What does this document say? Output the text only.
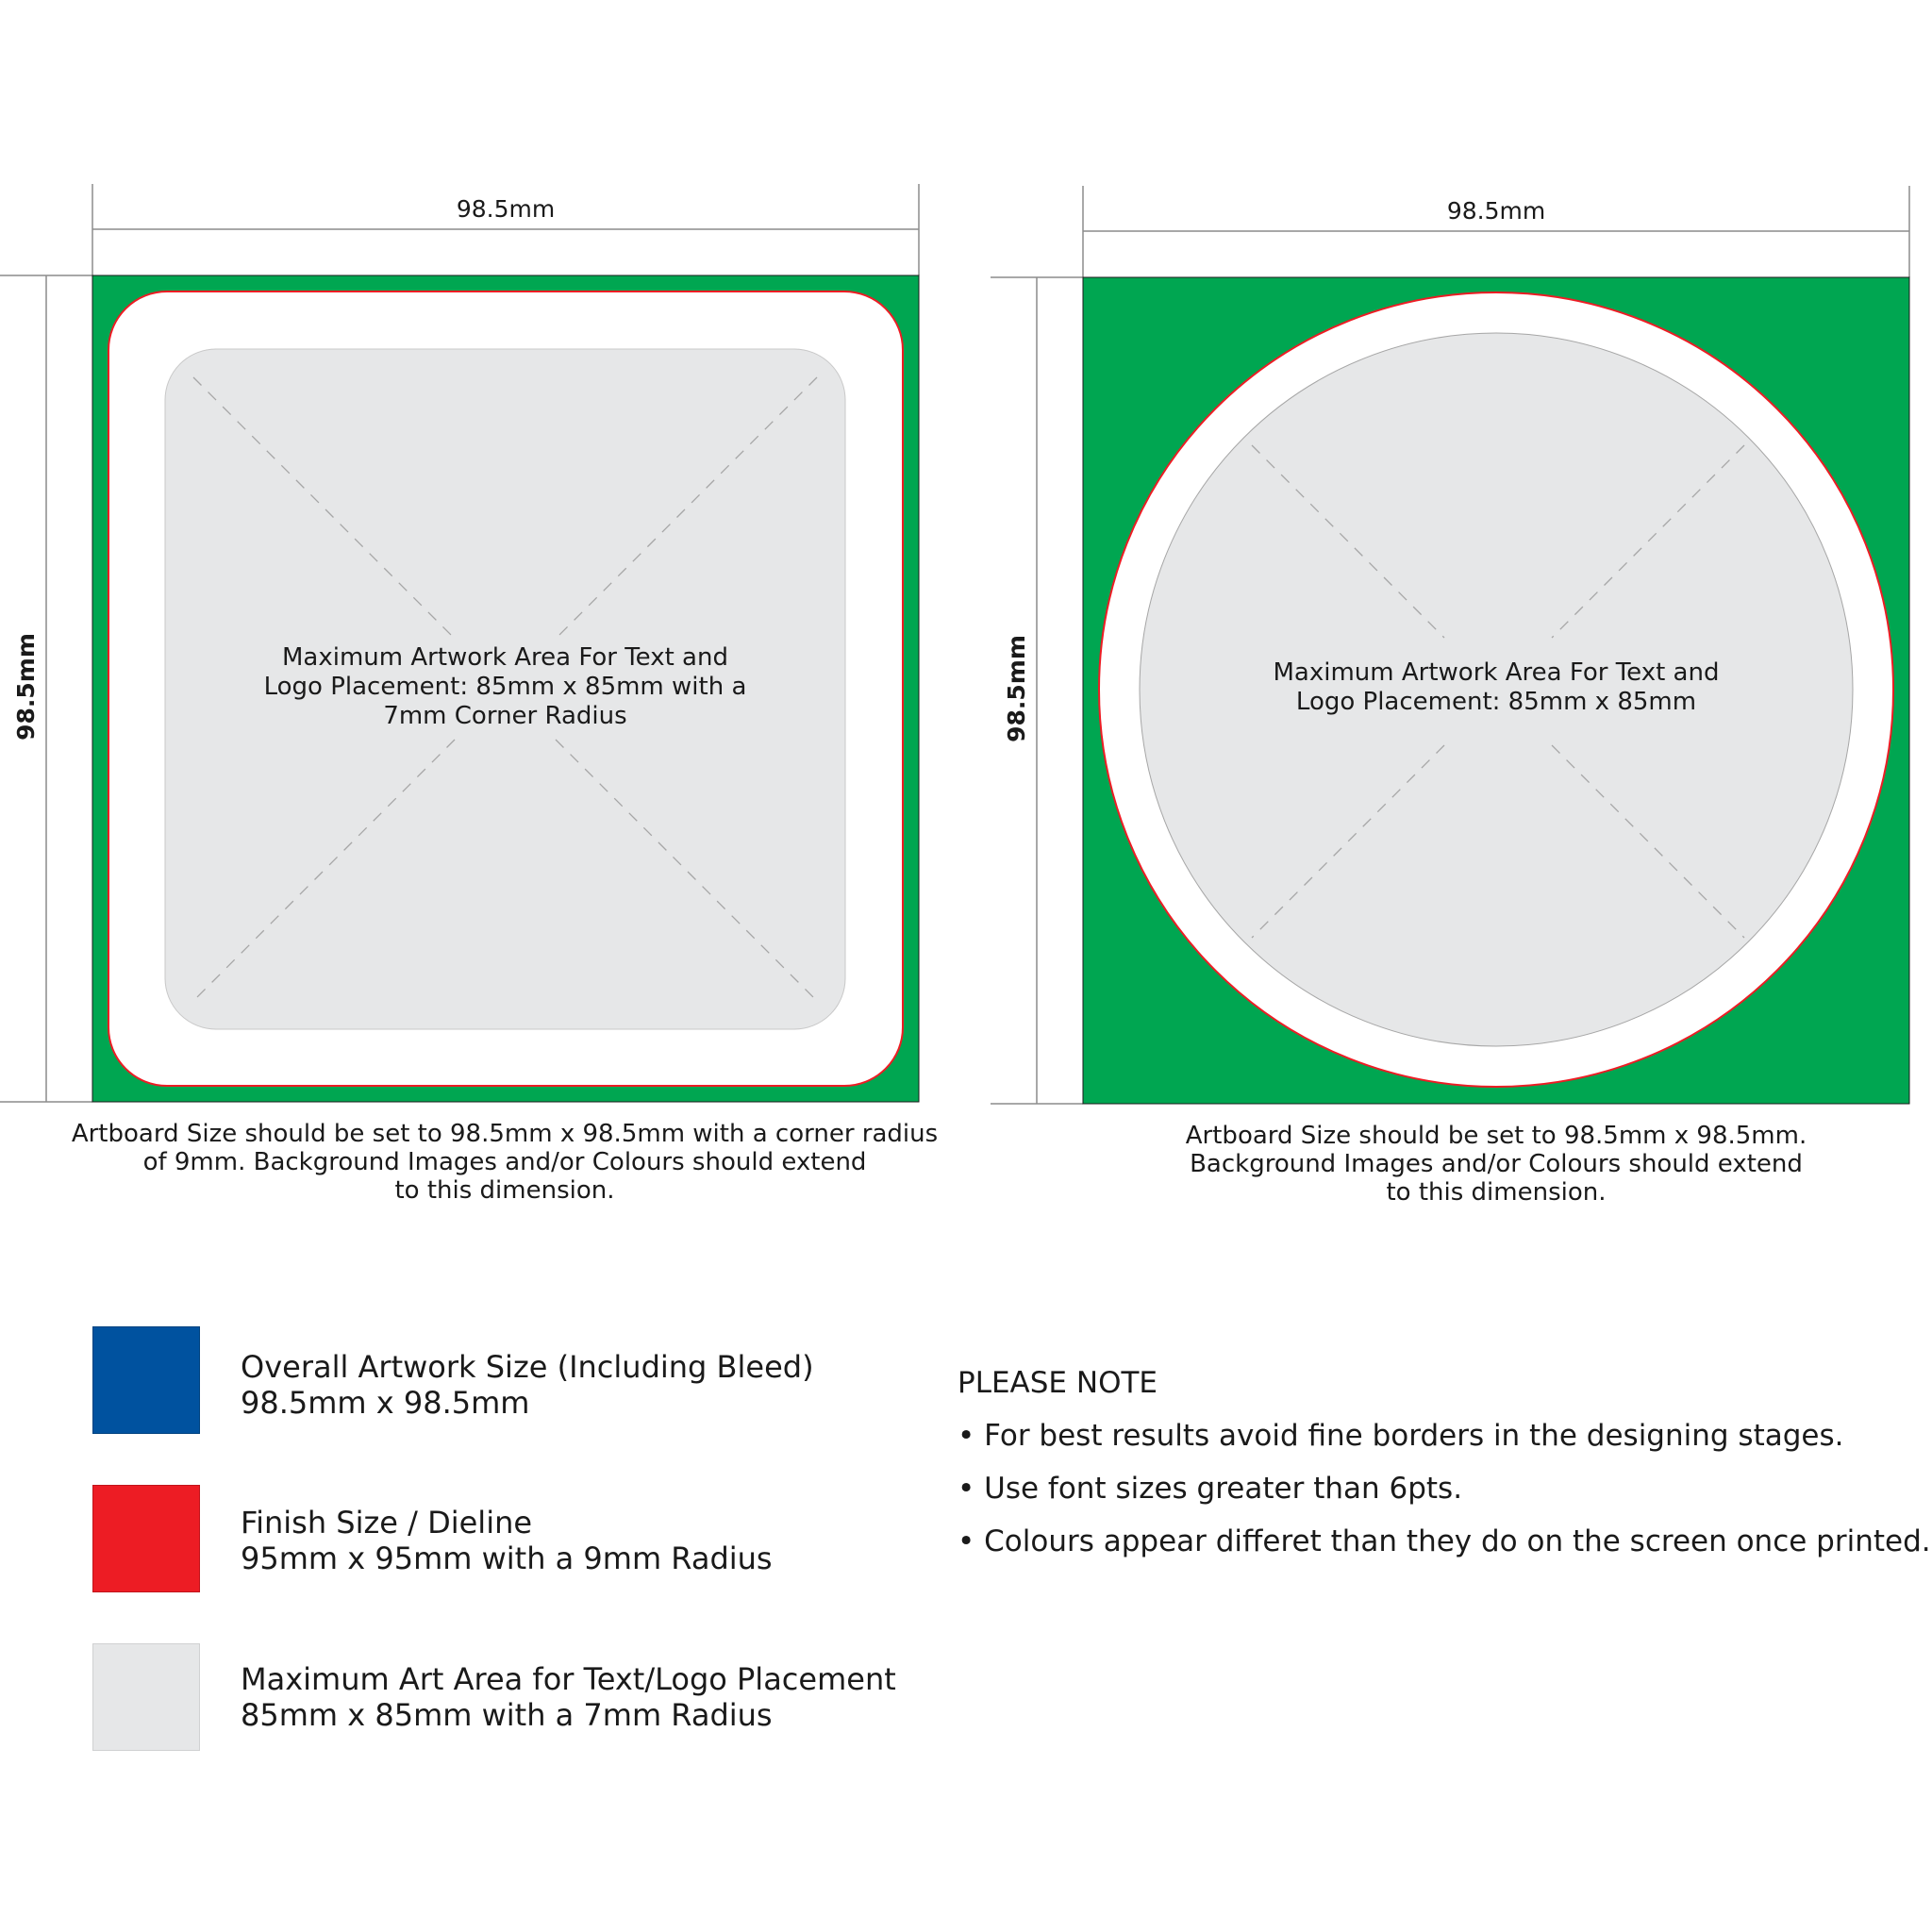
98.5mm
98.5mm	Maximum Artwork Area For Text and
Logo Placement: 85mm x 85mm with a
7mm Corner Radius
Artboard Size should be set to 98.5mm x 98.5mm with a corner radius
of 9mm. Background Images and/or Colours should extend
to this dimension.
98.5mm
98.5mm	Maximum Artwork Area For Text and
Logo Placement: 85mm x 85mm
Artboard Size should be set to 98.5mm x 98.5mm.
Background Images and/or Colours should extend
to this dimension.
Overall Artwork Size (Including Bleed)
98.5mm x 98.5mm
Finish Size / Dieline
95mm x 95mm with a 9mm Radius
Maximum Art Area for Text/Logo Placement
85mm x 85mm with a 7mm Radius
PLEASE NOTE
• For best results avoid fine borders in the designing stages.
• Use font sizes greater than 6pts.
• Colours appear differet than they do on the screen once printed.
